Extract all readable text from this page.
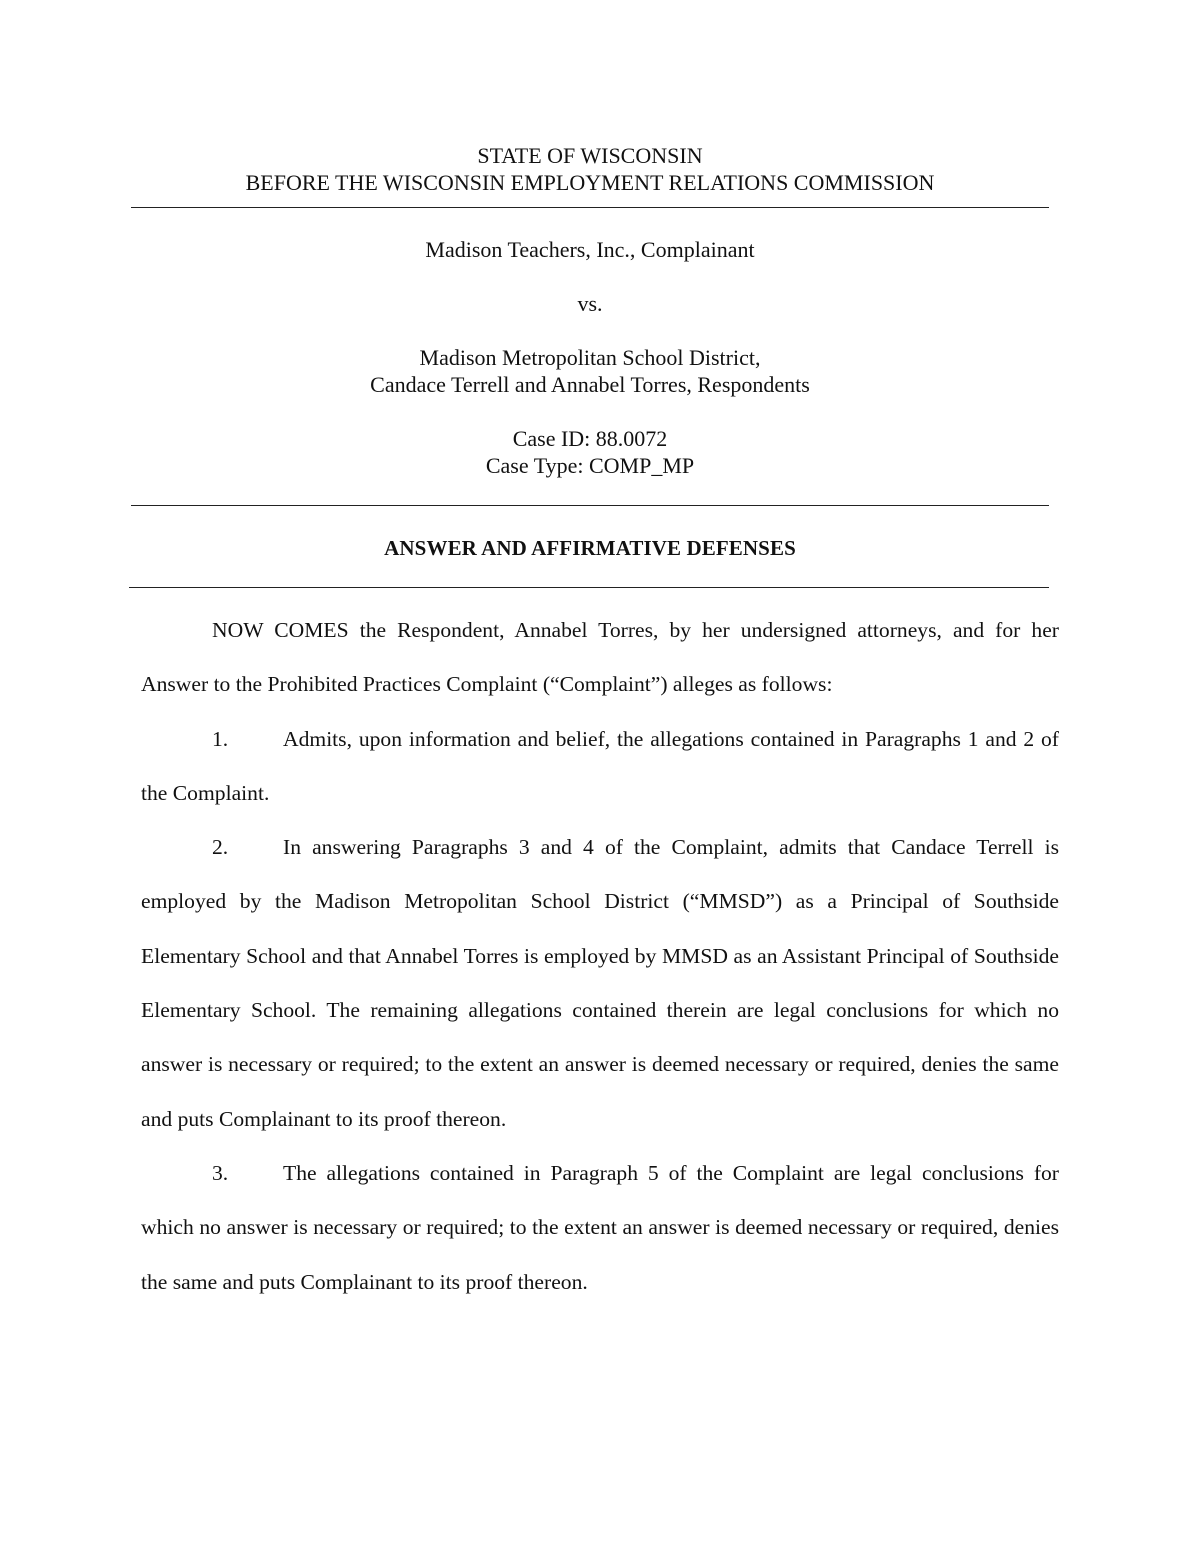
STATE OF WISCONSIN
BEFORE THE WISCONSIN EMPLOYMENT RELATIONS COMMISSION
Madison Teachers, Inc., Complainant
vs.
Madison Metropolitan School District,
Candace Terrell and Annabel Torres, Respondents
Case ID: 88.0072
Case Type: COMP_MP
ANSWER AND AFFIRMATIVE DEFENSES

NOW COMES the Respondent, Annabel Torres, by her undersigned attorneys, and for her Answer to the Prohibited Practices Complaint (“Complaint”) alleges as follows:

1.	Admits, upon information and belief, the allegations contained in Paragraphs 1 and 2 of the Complaint.

2.	In answering Paragraphs 3 and 4 of the Complaint, admits that Candace Terrell is employed by the Madison Metropolitan School District (“MMSD”) as a Principal of Southside Elementary School and that Annabel Torres is employed by MMSD as an Assistant Principal of Southside Elementary School. The remaining allegations contained therein are legal conclusions for which no answer is necessary or required; to the extent an answer is deemed necessary or required, denies the same and puts Complainant to its proof thereon.

3.	The allegations contained in Paragraph 5 of the Complaint are legal conclusions for which no answer is necessary or required; to the extent an answer is deemed necessary or required, denies the same and puts Complainant to its proof thereon.
